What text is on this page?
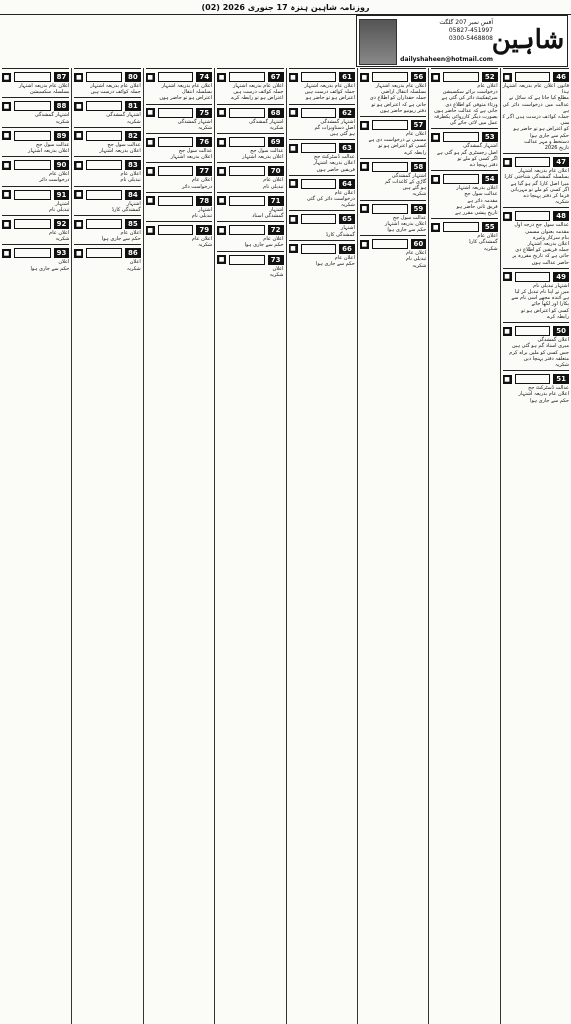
روزنامہ شاہین ہنزہ 17 جنوری 2026 (02)
آفس نمبر 207 گلگت
05827-451997
0300-5468808
dailyshaheen@hotmail.com
شاہین
■	46
قانون اعلان عام بذریعہ اشتہار ہذا
مطلع کیا جاتا ہے کہ سائل نے
عدالت میں درخواست دائر کی ہے
جملہ کوائف درست ہیں اگر کسی
کو اعتراض ہو تو حاضر ہو
حکم سے جاری ہوا
دستخط و مہر عدالت
تاریخ 2026
■	47
اعلان عام بذریعہ اشتہار
بسلسلہ گمشدگی شناختی کارڈ
میرا اصل کارڈ گم ہو گیا ہے
اگر کسی کو ملے تو مہربانی
فرما کر دفتر پہنچا دے
شکریہ
■	48
عدالت سول جج درجہ اول
مقدمہ بعنوان مسمی
بنام سرکار وغیرہ
اعلان بذریعہ اشتہار
جملہ فریقین کو اطلاع دی
جاتی ہے کہ تاریخ مقررہ پر
حاضر عدالت ہوں
■	49
اشتہار تبدیلی نام
میں نے اپنا نام تبدیل کر لیا
ہے آئندہ مجھے اسی نام سے
پکارا اور لکھا جائے
کسی کو اعتراض ہو تو
رابطہ کرے
■	50
اعلان گمشدگی
میری اسناد گم ہو گئی ہیں
جس کسی کو ملیں براہ کرم
متعلقہ دفتر پہنچا دیں
شکریہ
■	51
عدالت ڈسٹرکٹ جج
اعلان عام بذریعہ اشتہار
حکم سے جاری ہوا
■	52
اعلان عام
درخواست برائے سکسیشن
سرٹیفکیٹ دائر کی گئی ہے
ورثاء متوفی کو اطلاع دی
جاتی ہے کہ عدالت حاضر ہوں
بصورت دیگر کارروائی یکطرفہ
عمل میں لائی جائے گی
■	53
اشتہار گمشدگی
اصل رجسٹری گم ہو گئی ہے
اگر کسی کو ملے تو
دفتر پہنچا دے
■	54
اعلان بذریعہ اشتہار
عدالت سول جج
مقدمہ دائر ہے
فریق ثانی حاضر ہو
تاریخ پیشی مقرر ہے
■	55
اعلان عام
گمشدگی کارڈ
شکریہ
■	56
اعلان عام بذریعہ اشتہار
بسلسلہ انتقال اراضی
جملہ حقداران کو اطلاع دی
جاتی ہے کہ اعتراض ہو تو
دفتر ریونیو حاضر ہوں
■	57
اعلان عام
مسمی نے درخواست دی ہے
کسی کو اعتراض ہو تو
رابطہ کرے
■	58
اشتہار گمشدگی
گاڑی کے کاغذات گم
ہو گئے ہیں
شکریہ
■	59
عدالت سول جج
اعلان بذریعہ اشتہار
حکم سے جاری ہوا
■	60
اعلان عام
تبدیلی نام
شکریہ
■	61
اعلان عام بذریعہ اشتہار
جملہ کوائف درست ہیں
اعتراض ہو تو حاضر ہو
■	62
اشتہار گمشدگی
اصل دستاویزات گم
ہو گئی ہیں
■	63
عدالت ڈسٹرکٹ جج
اعلان بذریعہ اشتہار
فریقین حاضر ہوں
■	64
اعلان عام
درخواست دائر کی گئی
شکریہ
■	65
اشتہار
گمشدگی کارڈ
■	66
اعلان عام
حکم سے جاری ہوا
■	67
اعلان عام بذریعہ اشتہار
جملہ کوائف درست ہیں
اعتراض ہو تو رابطہ کرے
■	68
اشتہار گمشدگی
شکریہ
■	69
عدالت سول جج
اعلان بذریعہ اشتہار
■	70
اعلان عام
تبدیلی نام
■	71
اشتہار
گمشدگی اسناد
■	72
اعلان عام
حکم سے جاری ہوا
■	73
اعلان
شکریہ
■	74
اعلان عام بذریعہ اشتہار
بسلسلہ انتقال
اعتراض ہو تو حاضر ہوں
■	75
اشتہار گمشدگی
شکریہ
■	76
عدالت سول جج
اعلان بذریعہ اشتہار
■	77
اعلان عام
درخواست دائر
■	78
اشتہار
تبدیلی نام
■	79
اعلان عام
شکریہ
■	80
اعلان عام بذریعہ اشتہار
جملہ کوائف درست ہیں
■	81
اشتہار گمشدگی
شکریہ
■	82
عدالت سول جج
اعلان بذریعہ اشتہار
■	83
اعلان عام
تبدیلی نام
■	84
اشتہار
گمشدگی کارڈ
■	85
اعلان عام
حکم سے جاری ہوا
■	86
اعلان
شکریہ
■	87
اعلان عام بذریعہ اشتہار
بسلسلہ سکسیشن
■	88
اشتہار گمشدگی
شکریہ
■	89
عدالت سول جج
اعلان بذریعہ اشتہار
■	90
اعلان عام
درخواست دائر
■	91
اشتہار
تبدیلی نام
■	92
اعلان عام
شکریہ
■	93
اعلان
حکم سے جاری ہوا
